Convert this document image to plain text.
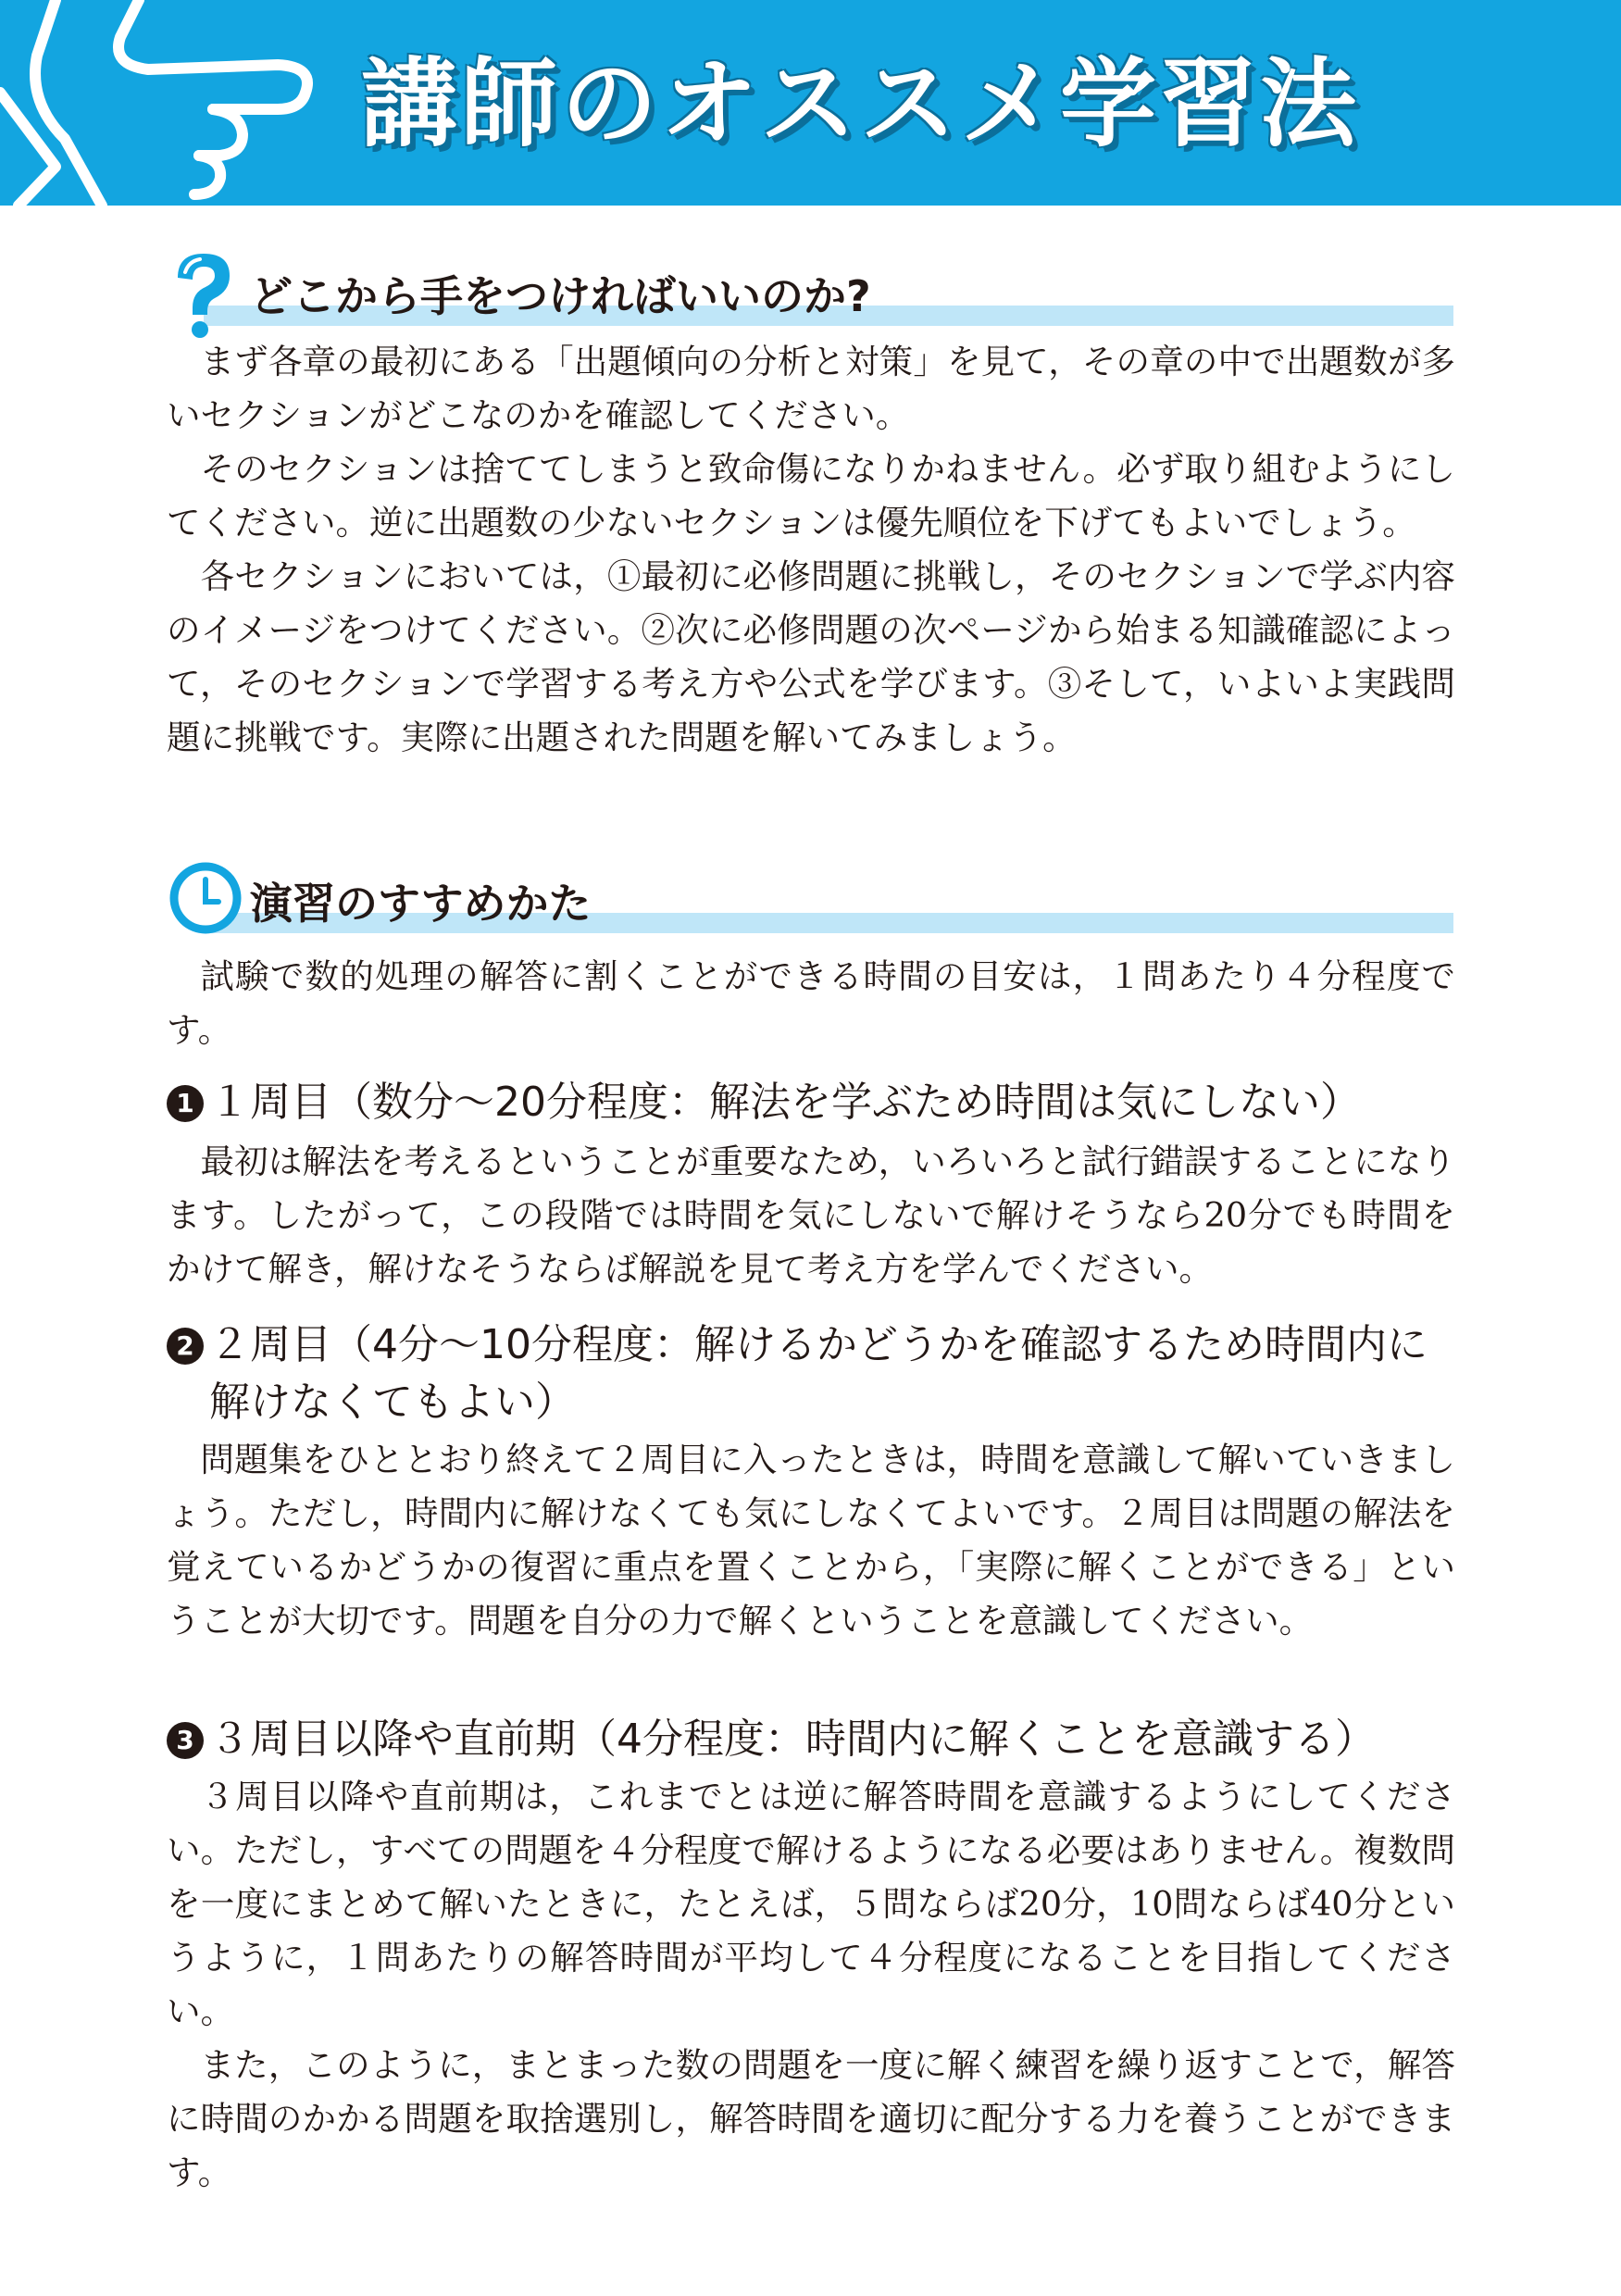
講師のオススメ学習法
どこから手をつければいいのか?

まず各章の最初にある「出題傾向の分析と対策」を見て，その章の中で出題数が多いセクションがどこなのかを確認してください。

そのセクションは捨ててしまうと致命傷になりかねません。必ず取り組むようにしてください。逆に出題数の少ないセクションは優先順位を下げてもよいでしょう。

各セクションにおいては，①最初に必修問題に挑戦し，そのセクションで学ぶ内容のイメージをつけてください。②次に必修問題の次ページから始まる知識確認によって，そのセクションで学習する考え方や公式を学びます。③そして，いよいよ実践問題に挑戦です。実際に出題された問題を解いてみましょう。

演習のすすめかた

試験で数的処理の解答に割くことができる時間の目安は，１問あたり４分程度です。

1 １周目（数分〜20分程度：解法を学ぶため時間は気にしない）

最初は解法を考えるということが重要なため，いろいろと試行錯誤することになります。したがって，この段階では時間を気にしないで解けそうなら20分でも時間をかけて解き，解けなそうならば解説を見て考え方を学んでください。

2 ２周目（4分〜10分程度：解けるかどうかを確認するため時間内に
解けなくてもよい）

問題集をひととおり終えて２周目に入ったときは，時間を意識して解いていきましょう。ただし，時間内に解けなくても気にしなくてよいです。２周目は問題の解法を覚えているかどうかの復習に重点を置くことから，「実際に解くことができる」ということが大切です。問題を自分の力で解くということを意識してください。

3 ３周目以降や直前期（4分程度：時間内に解くことを意識する）

３周目以降や直前期は，これまでとは逆に解答時間を意識するようにしてください。ただし，すべての問題を４分程度で解けるようになる必要はありません。複数問を一度にまとめて解いたときに，たとえば，５問ならば20分，10問ならば40分というように，１問あたりの解答時間が平均して４分程度になることを目指してください。

また，このように，まとまった数の問題を一度に解く練習を繰り返すことで，解答に時間のかかる問題を取捨選別し，解答時間を適切に配分する力を養うことができます。
